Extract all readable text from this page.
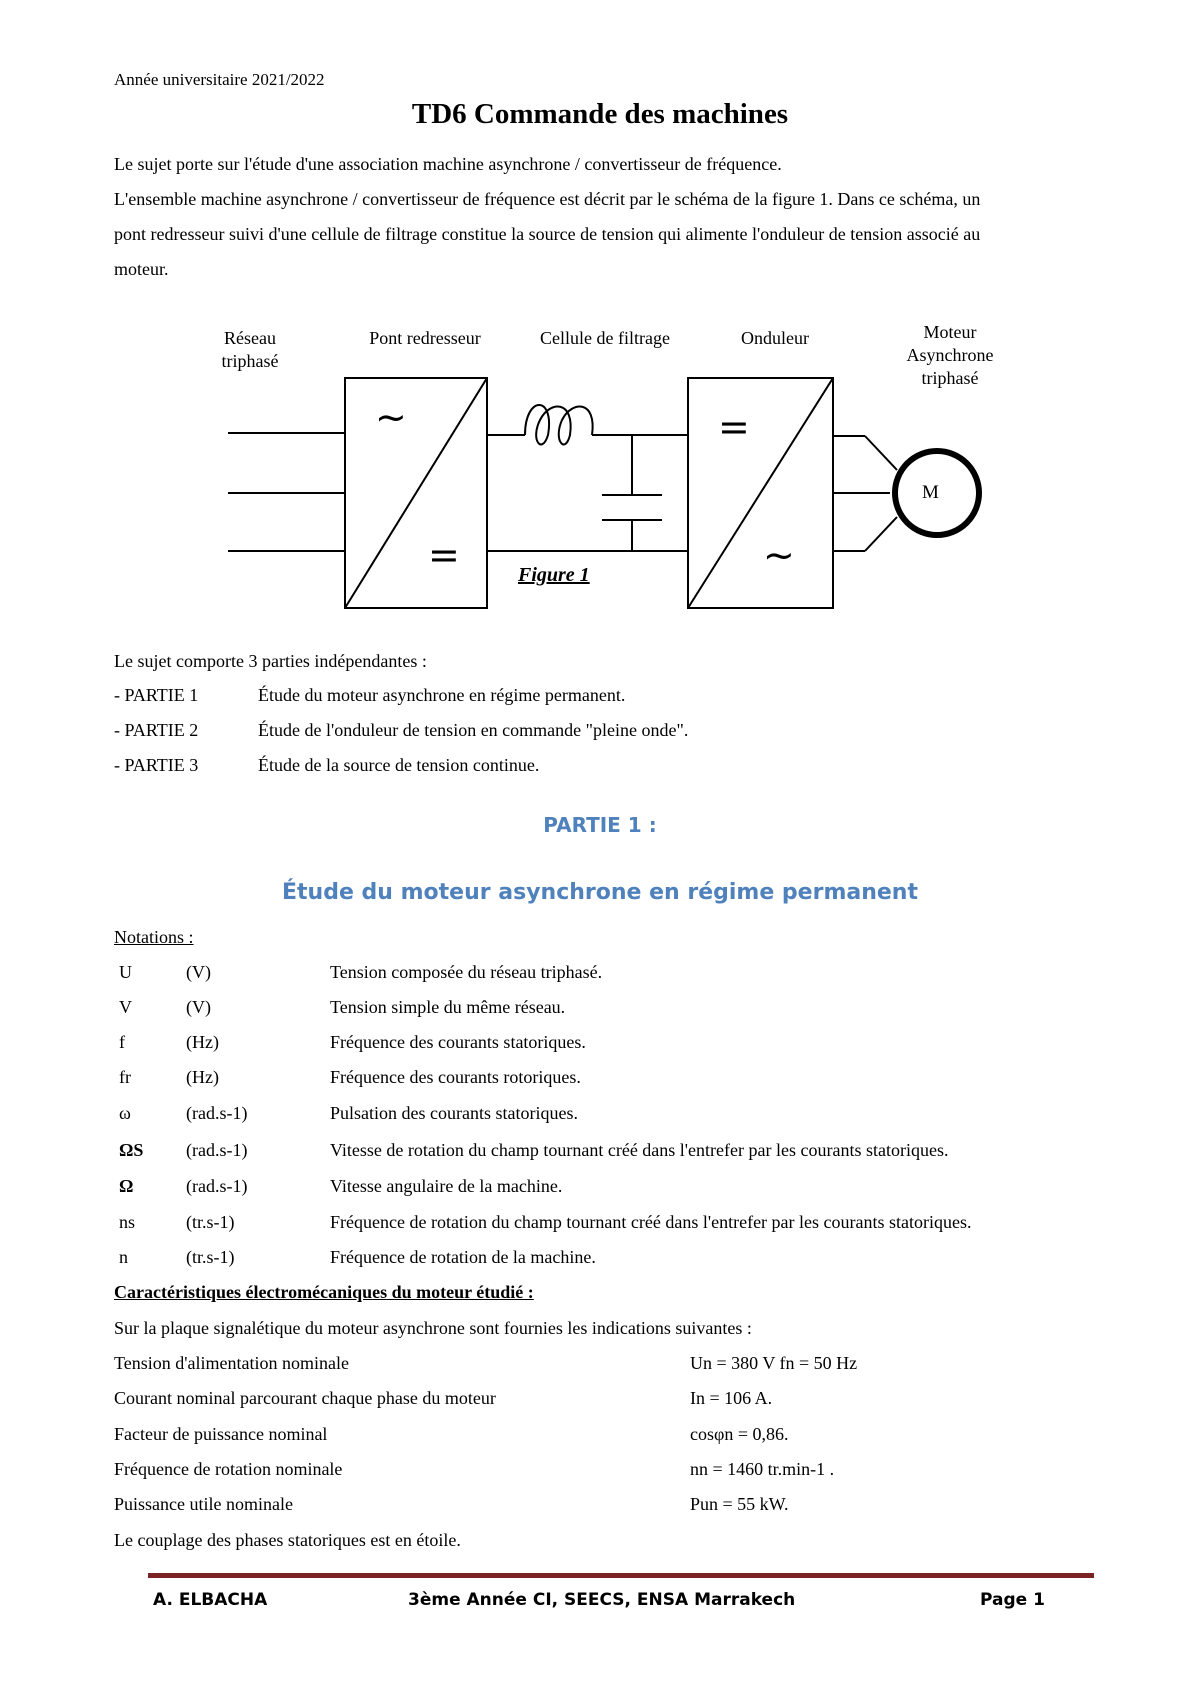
Année universitaire 2021/2022
TD6 Commande des machines
Le sujet porte sur l'étude d'une association machine asynchrone / convertisseur de fréquence.
L'ensemble machine asynchrone / convertisseur de fréquence est décrit par le schéma de la figure 1. Dans ce schéma, un
pont redresseur suivi d'une cellule de filtrage constitue la source de tension qui alimente l'onduleur de tension associé au
moteur.
Réseau triphasé
Pont redresseur	Cellule de filtrage	Onduleur	Moteur Asynchrone triphasé
~
=
=
~
M
Figure 1
Le sujet comporte 3 parties indépendantes :
- PARTIE 1	Étude du moteur asynchrone en régime permanent.
- PARTIE 2	Étude de l'onduleur de tension en commande "pleine onde".
- PARTIE 3	Étude de la source de tension continue.
PARTIE 1 :
Étude du moteur asynchrone en régime permanent
Notations :
U	(V)	Tension composée du réseau triphasé.
V	(V)	Tension simple du même réseau.
f	(Hz)	Fréquence des courants statoriques.
fr	(Hz)	Fréquence des courants rotoriques.
ω	(rad.s-1)	Pulsation des courants statoriques.
ΩS (rad.s-1)	Vitesse de rotation du champ tournant créé dans l'entrefer par les courants statoriques.
Ω	(rad.s-1)	Vitesse angulaire de la machine.
ns	(tr.s-1)	Fréquence de rotation du champ tournant créé dans l'entrefer par les courants statoriques.
n	(tr.s-1)	Fréquence de rotation de la machine.
Caractéristiques électromécaniques du moteur étudié :
Sur la plaque signalétique du moteur asynchrone sont fournies les indications suivantes :
Tension d'alimentation nominale	Un = 380 V fn = 50 Hz
Courant nominal parcourant chaque phase du moteur	In = 106 A.
Facteur de puissance nominal	cosφn = 0,86.
Fréquence de rotation nominale	nn = 1460 tr.min-1 .
Puissance utile nominale	Pun = 55 kW.
Le couplage des phases statoriques est en étoile.
A. ELBACHA	3ème Année CI, SEECS, ENSA Marrakech	Page 1
